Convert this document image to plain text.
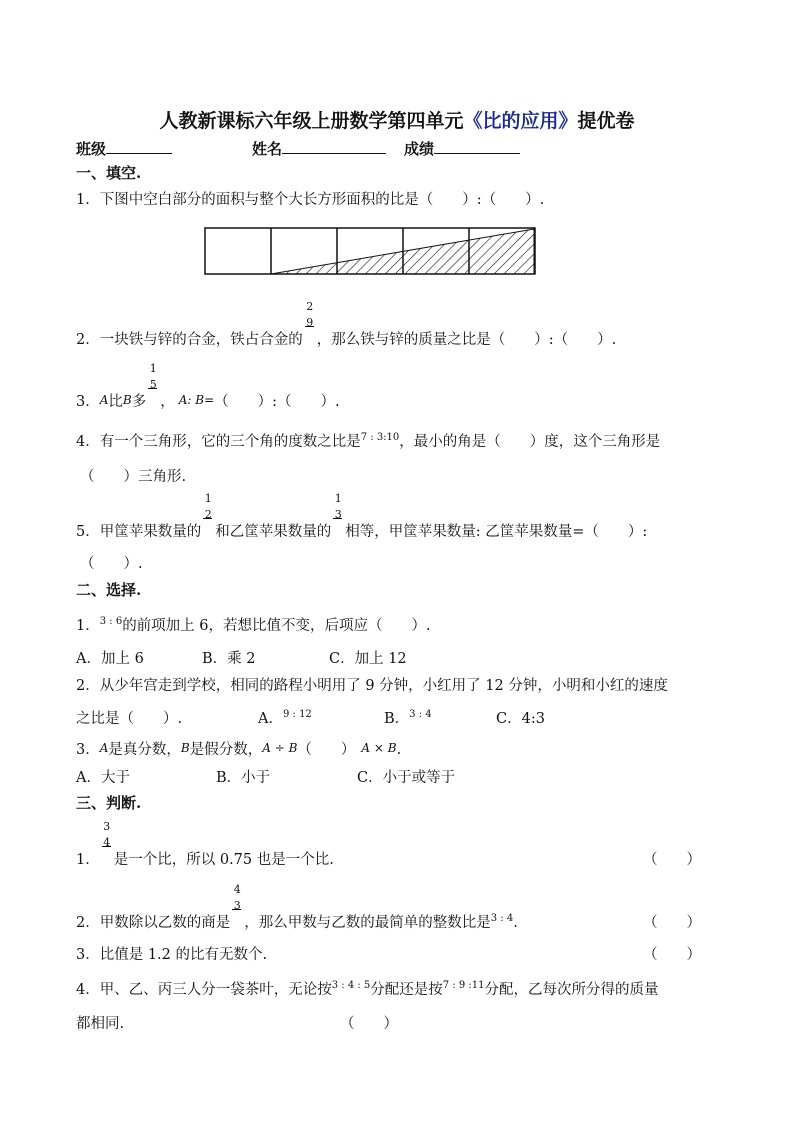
人教新课标六年级上册数学第四单元《比的应用》提优卷
班级	姓名	成绩
一、填空.
1．下图中空白部分的面积与整个大长方形面积的比是（　　）:（　　）.
2．一块铁与锌的合金，铁占合金的 $\frac{2}{9}$ ，那么铁与锌的质量之比是（　　）:（　　）.
3．A比B多 $\frac{1}{5}$ ， A: B=（　　）:（　　）.
4．有一个三角形，它的三个角的度数之比是$^{7 : 3:10}$，最小的角是（　　）度，这个三角形是
（　　）三角形.
5．甲筐苹果数量的 $\frac{1}{2}$ 和乙筐苹果数量的 $\frac{1}{3}$ 相等，甲筐苹果数量: 乙筐苹果数量=（　　）:
（　　）.
二、选择.
1．$^{3 : 6}$的前项加上 6，若想比值不变，后项应（　　）.
A．加上 6	B．乘 2	C．加上 12
2．从少年宫走到学校，相同的路程小明用了 9 分钟，小红用了 12 分钟，小明和小红的速度
之比是（　　）.	A．$^{9 : 12}$	B．$^{3 : 4}$	C．4:3
3．A是真分数，B是假分数，A ÷ B（　　） A × B.
A．大于	B．小于	C．小于或等于
三、判断.
1． $\frac{3}{4}$ 是一个比，所以 0.75 也是一个比.	（　　）
2．甲数除以乙数的商是 $\frac{4}{3}$ ，那么甲数与乙数的最简单的整数比是$^{3 : 4}$.	（　　）
3．比值是 1.2 的比有无数个.	（　　）
4．甲、乙、丙三人分一袋茶叶，无论按$^{3 : 4 : 5}$分配还是按$^{7 : 9 :11}$分配，乙每次所分得的质量
都相同.	（　　）
